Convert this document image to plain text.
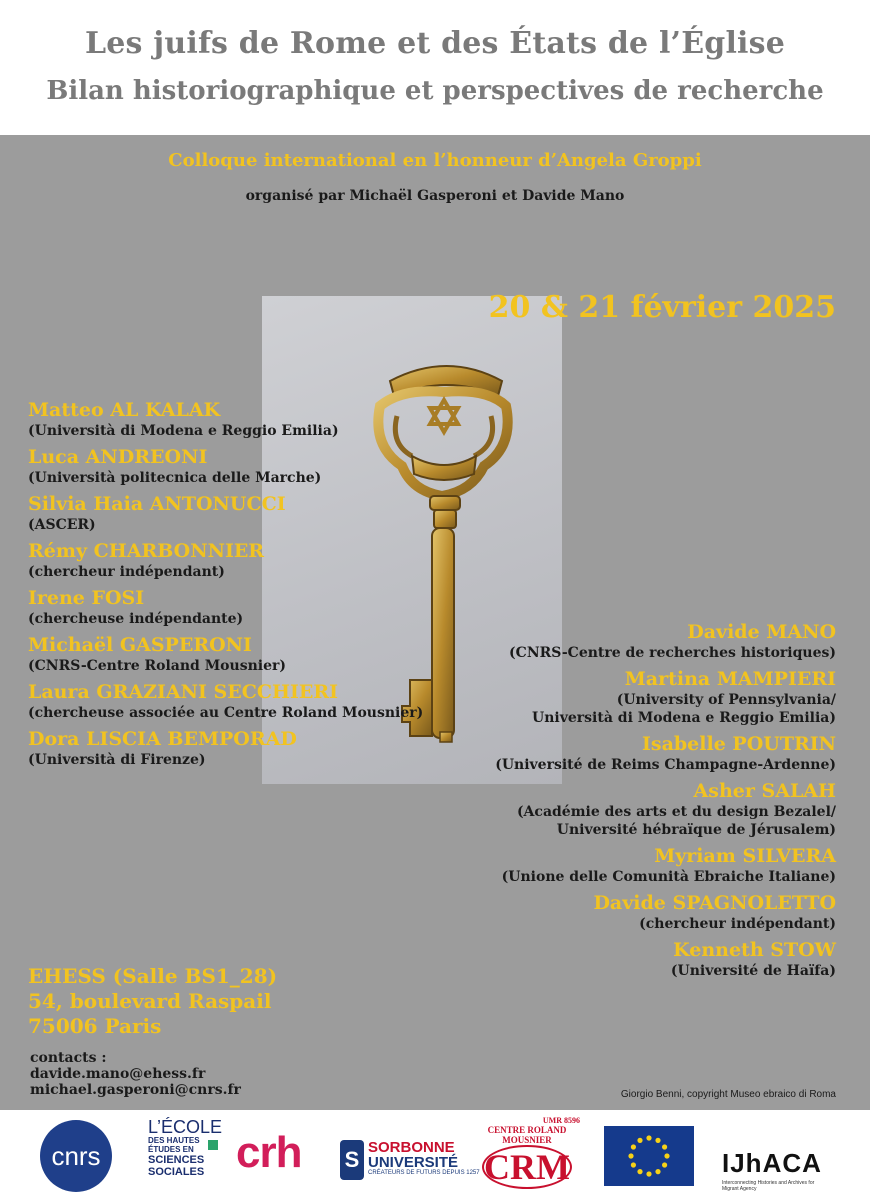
Les juifs de Rome et des États de l’Église
Bilan historiographique et perspectives de recherche
Colloque international en l’honneur d’Angela Groppi
organisé par Michaël Gasperoni et Davide Mano
20 & 21 février 2025
Matteo AL KALAK
(Università di Modena e Reggio Emilia)
Luca ANDREONI
(Università politecnica delle Marche)
Silvia Haia ANTONUCCI
(ASCER)
Rémy CHARBONNIER
(chercheur indépendant)
Irene FOSI
(chercheuse indépendante)
Michaël GASPERONI
(CNRS-Centre Roland Mousnier)
Laura GRAZIANI SECCHIERI
(chercheuse associée au Centre Roland Mousnier)
Dora LISCIA BEMPORAD
(Università di Firenze)
Davide MANO
(CNRS-Centre de recherches historiques)
Martina MAMPIERI
(University of Pennsylvania/
Università di Modena e Reggio Emilia)
Isabelle POUTRIN
(Université de Reims Champagne-Ardenne)
Asher SALAH
(Académie des arts et du design Bezalel/
Université hébraïque de Jérusalem)
Myriam SILVERA
(Unione delle Comunità Ebraiche Italiane)
Davide SPAGNOLETTO
(chercheur indépendant)
Kenneth STOW
(Université de Haïfa)
EHESS (Salle BS1_28)
54, boulevard Raspail
75006 Paris
contacts :
davide.mano@ehess.fr
michael.gasperoni@cnrs.fr	Giorgio Benni, copyright Museo ebraico di Roma
cnrs
L’ÉCOLE
DES HAUTES
ÉTUDES EN
SCIENCES
SOCIALES crh S SORBONNE
UNIVERSITÉ
CRÉATEURS DE FUTURS DEPUIS 1257
UMR 8596
CENTRE ROLAND MOUSNIER
CRM	IJhACA
Interconnecting Histories and Archives for Migrant Agency
